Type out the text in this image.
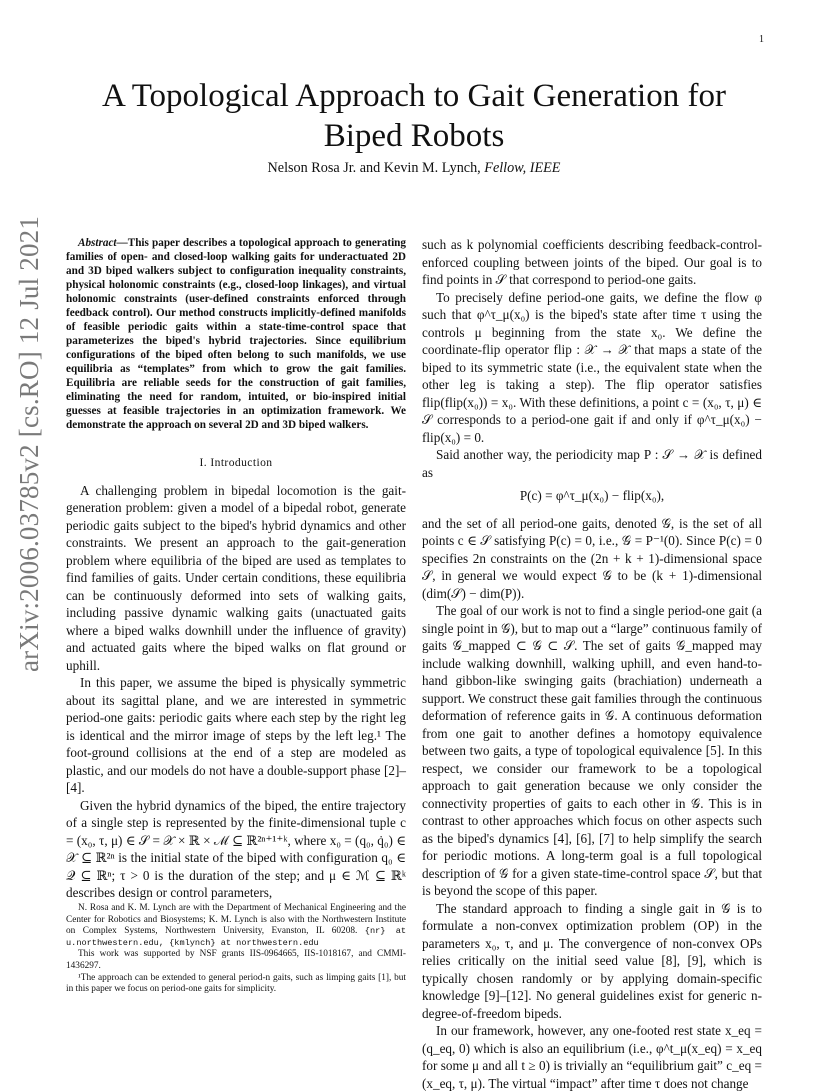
1
arXiv:2006.03785v2 [cs.RO] 12 Jul 2021
A Topological Approach to Gait Generation for Biped Robots
Nelson Rosa Jr. and Kevin M. Lynch, Fellow, IEEE

Abstract—This paper describes a topological approach to generating families of open- and closed-loop walking gaits for underactuated 2D and 3D biped walkers subject to configuration inequality constraints, physical holonomic constraints (e.g., closed-loop linkages), and virtual holonomic constraints (user-defined constraints enforced through feedback control). Our method constructs implicitly-defined manifolds of feasible periodic gaits within a state-time-control space that parameterizes the biped's hybrid trajectories. Since equilibrium configurations of the biped often belong to such manifolds, we use equilibria as “templates” from which to grow the gait families. Equilibria are reliable seeds for the construction of gait families, eliminating the need for random, intuited, or bio-inspired initial guesses at feasible trajectories in an optimization framework. We demonstrate the approach on several 2D and 3D biped walkers.

I. Introduction

A challenging problem in bipedal locomotion is the gait-generation problem: given a model of a bipedal robot, generate periodic gaits subject to the biped's hybrid dynamics and other constraints. We present an approach to the gait-generation problem where equilibria of the biped are used as templates to find families of gaits. Under certain conditions, these equilibria can be continuously deformed into sets of walking gaits, including passive dynamic walking gaits (unactuated gaits where a biped walks downhill under the influence of gravity) and actuated gaits where the biped walks on flat ground or uphill.

In this paper, we assume the biped is physically symmetric about its sagittal plane, and we are interested in symmetric period-one gaits: periodic gaits where each step by the right leg is identical and the mirror image of steps by the left leg.¹ The foot-ground collisions at the end of a step are modeled as plastic, and our models do not have a double-support phase [2]–[4].

Given the hybrid dynamics of the biped, the entire trajectory of a single step is represented by the finite-dimensional tuple c = (x₀, τ, μ) ∈ 𝒮 = 𝒳 × ℝ × ℳ ⊆ ℝ²ⁿ⁺¹⁺ᵏ, where x₀ = (q₀, q̇₀) ∈ 𝒳 ⊆ ℝ²ⁿ is the initial state of the biped with configuration q₀ ∈ 𝒬 ⊆ ℝⁿ; τ > 0 is the duration of the step; and μ ∈ ℳ ⊆ ℝᵏ describes design or control parameters,

N. Rosa and K. M. Lynch are with the Department of Mechanical Engineering and the Center for Robotics and Biosystems; K. M. Lynch is also with the Northwestern Institute on Complex Systems, Northwestern University, Evanston, IL 60208. {nr} at u.northwestern.edu, {kmlynch} at northwestern.edu

This work was supported by NSF grants IIS-0964665, IIS-1018167, and CMMI-1436297.

¹The approach can be extended to general period-n gaits, such as limping gaits [1], but in this paper we focus on period-one gaits for simplicity.

such as k polynomial coefficients describing feedback-control-enforced coupling between joints of the biped. Our goal is to find points in 𝒮 that correspond to period-one gaits.

To precisely define period-one gaits, we define the flow φ such that φ^τ_μ(x₀) is the biped's state after time τ using the controls μ beginning from the state x₀. We define the coordinate-flip operator flip : 𝒳 → 𝒳 that maps a state of the biped to its symmetric state (i.e., the equivalent state when the other leg is taking a step). The flip operator satisfies flip(flip(x₀)) = x₀. With these definitions, a point c = (x₀, τ, μ) ∈ 𝒮 corresponds to a period-one gait if and only if φ^τ_μ(x₀) − flip(x₀) = 0.

Said another way, the periodicity map P : 𝒮 → 𝒳 is defined as

P(c) = φ^τ_μ(x₀) − flip(x₀),

and the set of all period-one gaits, denoted 𝒢, is the set of all points c ∈ 𝒮 satisfying P(c) = 0, i.e., 𝒢 = P⁻¹(0). Since P(c) = 0 specifies 2n constraints on the (2n + k + 1)-dimensional space 𝒮, in general we would expect 𝒢 to be (k + 1)-dimensional (dim(𝒮) − dim(P)).

The goal of our work is not to find a single period-one gait (a single point in 𝒢), but to map out a “large” continuous family of gaits 𝒢_mapped ⊂ 𝒢 ⊂ 𝒮. The set of gaits 𝒢_mapped may include walking downhill, walking uphill, and even hand-to-hand gibbon-like swinging gaits (brachiation) underneath a support. We construct these gait families through the continuous deformation of reference gaits in 𝒢. A continuous deformation from one gait to another defines a homotopy equivalence between two gaits, a type of topological equivalence [5]. In this respect, we consider our framework to be a topological approach to gait generation because we only consider the connectivity properties of gaits to each other in 𝒢. This is in contrast to other approaches which focus on other aspects such as the biped's dynamics [4], [6], [7] to help simplify the search for periodic motions. A long-term goal is a full topological description of 𝒢 for a given state-time-control space 𝒮, but that is beyond the scope of this paper.

The standard approach to finding a single gait in 𝒢 is to formulate a non-convex optimization problem (OP) in the parameters x₀, τ, and μ. The convergence of non-convex OPs relies critically on the initial seed value [8], [9], which is typically chosen randomly or by applying domain-specific knowledge [9]–[12]. No general guidelines exist for generic n-degree-of-freedom bipeds.

In our framework, however, any one-footed rest state x_eq = (q_eq, 0) which is also an equilibrium (i.e., φ^t_μ(x_eq) = x_eq for some μ and all t ≥ 0) is trivially an “equilibrium gait” c_eq = (x_eq, τ, μ). The virtual “impact” after time τ does not change
